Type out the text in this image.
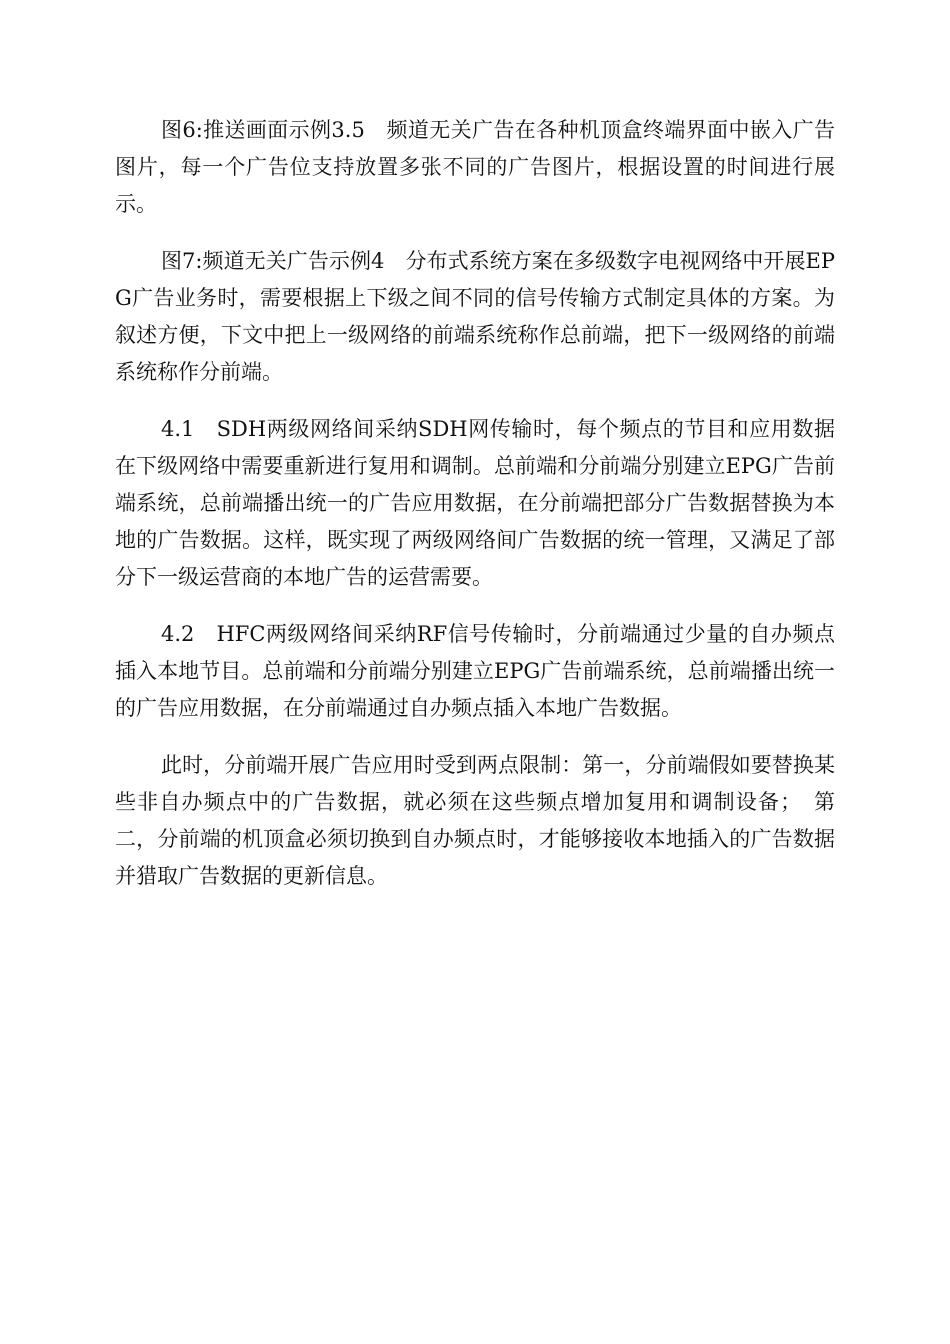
图6:推送画面示例3.5　频道无关广告在各种机顶盒终端界面中嵌入广告图片，每一个广告位支持放置多张不同的广告图片，根据设置的时间进行展示。

图7:频道无关广告示例4　分布式系统方案在多级数字电视网络中开展EPG广告业务时，需要根据上下级之间不同的信号传输方式制定具体的方案。为叙述方便，下文中把上一级网络的前端系统称作总前端，把下一级网络的前端系统称作分前端。

4.1　SDH两级网络间采纳SDH网传输时，每个频点的节目和应用数据在下级网络中需要重新进行复用和调制。总前端和分前端分别建立EPG广告前端系统，总前端播出统一的广告应用数据，在分前端把部分广告数据替换为本地的广告数据。这样，既实现了两级网络间广告数据的统一管理，又满足了部分下一级运营商的本地广告的运营需要。

4.2　HFC两级网络间采纳RF信号传输时，分前端通过少量的自办频点插入本地节目。总前端和分前端分别建立EPG广告前端系统，总前端播出统一的广告应用数据，在分前端通过自办频点插入本地广告数据。

此时，分前端开展广告应用时受到两点限制：第一，分前端假如要替换某些非自办频点中的广告数据，就必须在这些频点增加复用和调制设备；　第二，分前端的机顶盒必须切换到自办频点时，才能够接收本地插入的广告数据并猎取广告数据的更新信息。
